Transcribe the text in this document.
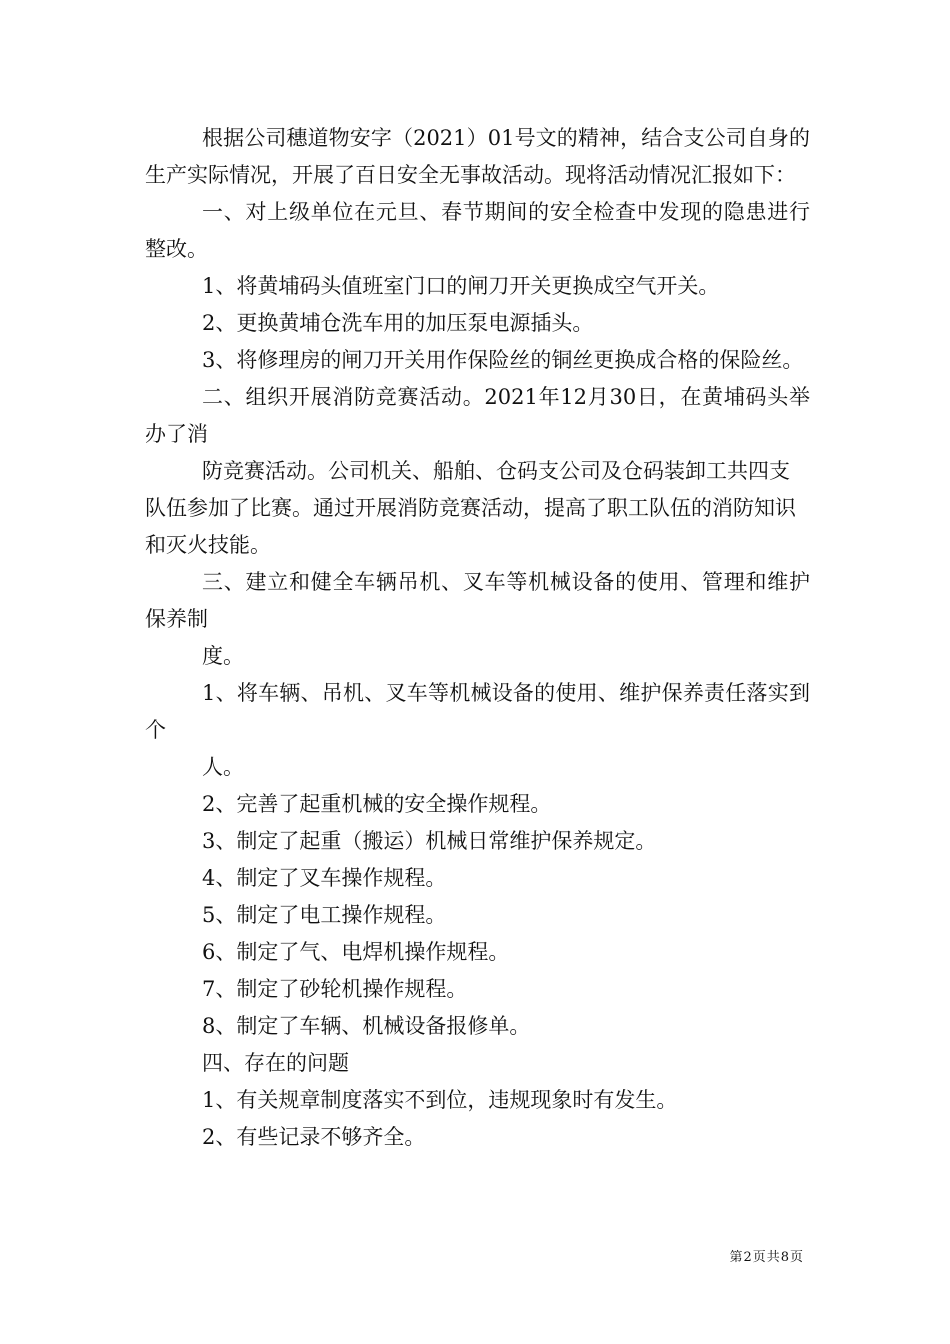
根据公司穗道物安字（2021）01号文的精神，结合支公司自身的生产实际情况，开展了百日安全无事故活动。现将活动情况汇报如下：

一、对上级单位在元旦、春节期间的安全检查中发现的隐患进行整改。

1、将黄埔码头值班室门口的闸刀开关更换成空气开关。

2、更换黄埔仓洗车用的加压泵电源插头。

3、将修理房的闸刀开关用作保险丝的铜丝更换成合格的保险丝。

二、组织开展消防竞赛活动。2021年12月30日，在黄埔码头举办了消

防竞赛活动。公司机关、船舶、仓码支公司及仓码装卸工共四支队伍参加了比赛。通过开展消防竞赛活动，提高了职工队伍的消防知识和灭火技能。

三、建立和健全车辆吊机、叉车等机械设备的使用、管理和维护保养制

度。

1、将车辆、吊机、叉车等机械设备的使用、维护保养责任落实到个

人。

2、完善了起重机械的安全操作规程。

3、制定了起重（搬运）机械日常维护保养规定。

4、制定了叉车操作规程。

5、制定了电工操作规程。

6、制定了气、电焊机操作规程。

7、制定了砂轮机操作规程。

8、制定了车辆、机械设备报修单。

四、存在的问题

1、有关规章制度落实不到位，违规现象时有发生。

2、有些记录不够齐全。

第2页共8页
